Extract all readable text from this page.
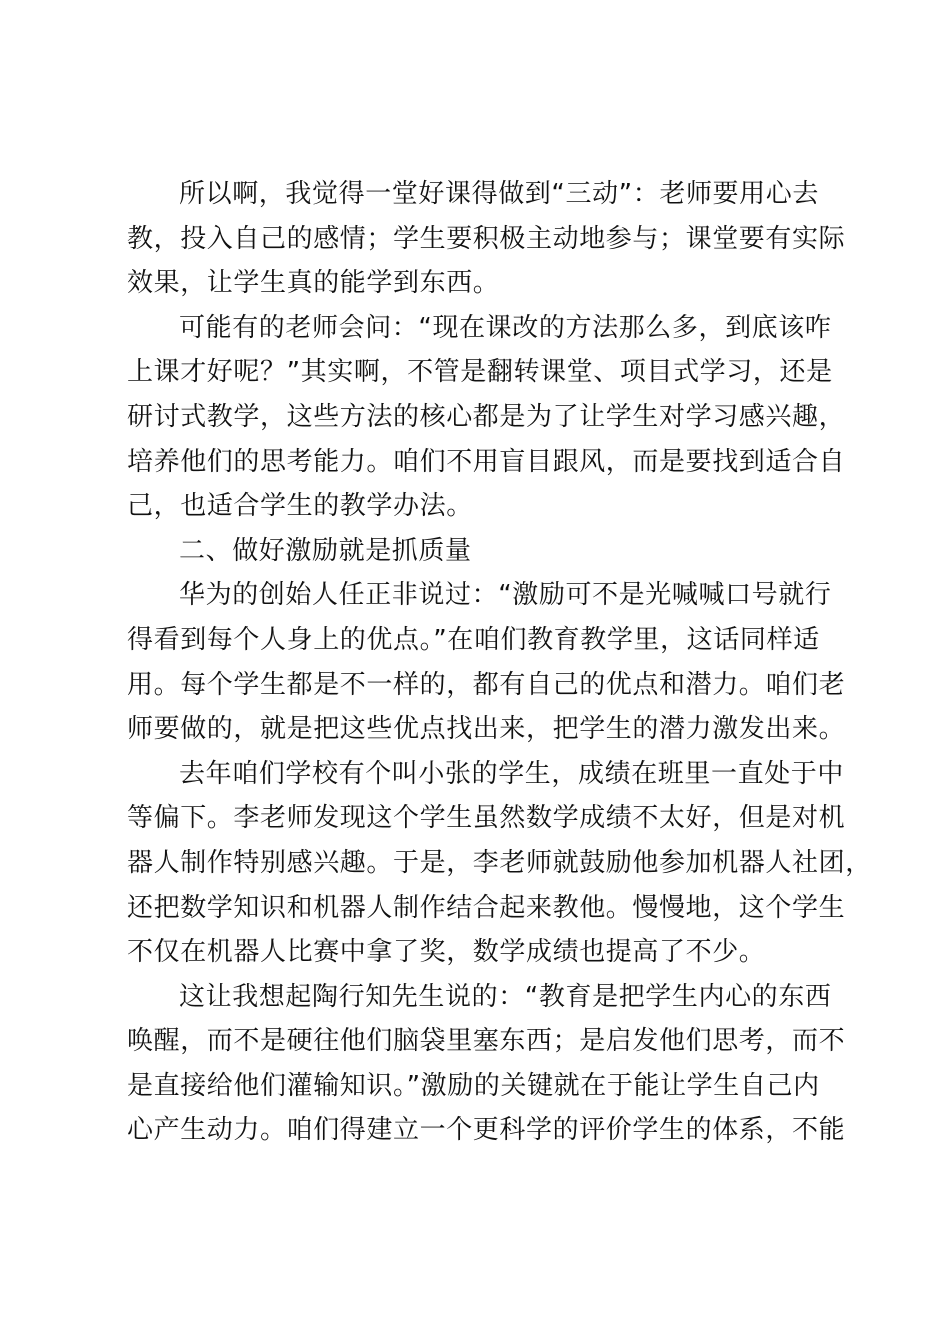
所以啊，我觉得一堂好课得做到“三动”：老师要用心去
教，投入自己的感情；学生要积极主动地参与；课堂要有实际
效果，让学生真的能学到东西。
可能有的老师会问：“现在课改的方法那么多，到底该咋
上课才好呢？”其实啊，不管是翻转课堂、项目式学习，还是
研讨式教学，这些方法的核心都是为了让学生对学习感兴趣，
培养他们的思考能力。咱们不用盲目跟风，而是要找到适合自
己，也适合学生的教学办法。
二、做好激励就是抓质量
华为的创始人任正非说过：“激励可不是光喊喊口号就行
得看到每个人身上的优点。”在咱们教育教学里，这话同样适
用。每个学生都是不一样的，都有自己的优点和潜力。咱们老
师要做的，就是把这些优点找出来，把学生的潜力激发出来。
去年咱们学校有个叫小张的学生，成绩在班里一直处于中
等偏下。李老师发现这个学生虽然数学成绩不太好，但是对机
器人制作特别感兴趣。于是，李老师就鼓励他参加机器人社团，
还把数学知识和机器人制作结合起来教他。慢慢地，这个学生
不仅在机器人比赛中拿了奖，数学成绩也提高了不少。
这让我想起陶行知先生说的：“教育是把学生内心的东西
唤醒，而不是硬往他们脑袋里塞东西；是启发他们思考，而不
是直接给他们灌输知识。”激励的关键就在于能让学生自己内
心产生动力。咱们得建立一个更科学的评价学生的体系，不能
